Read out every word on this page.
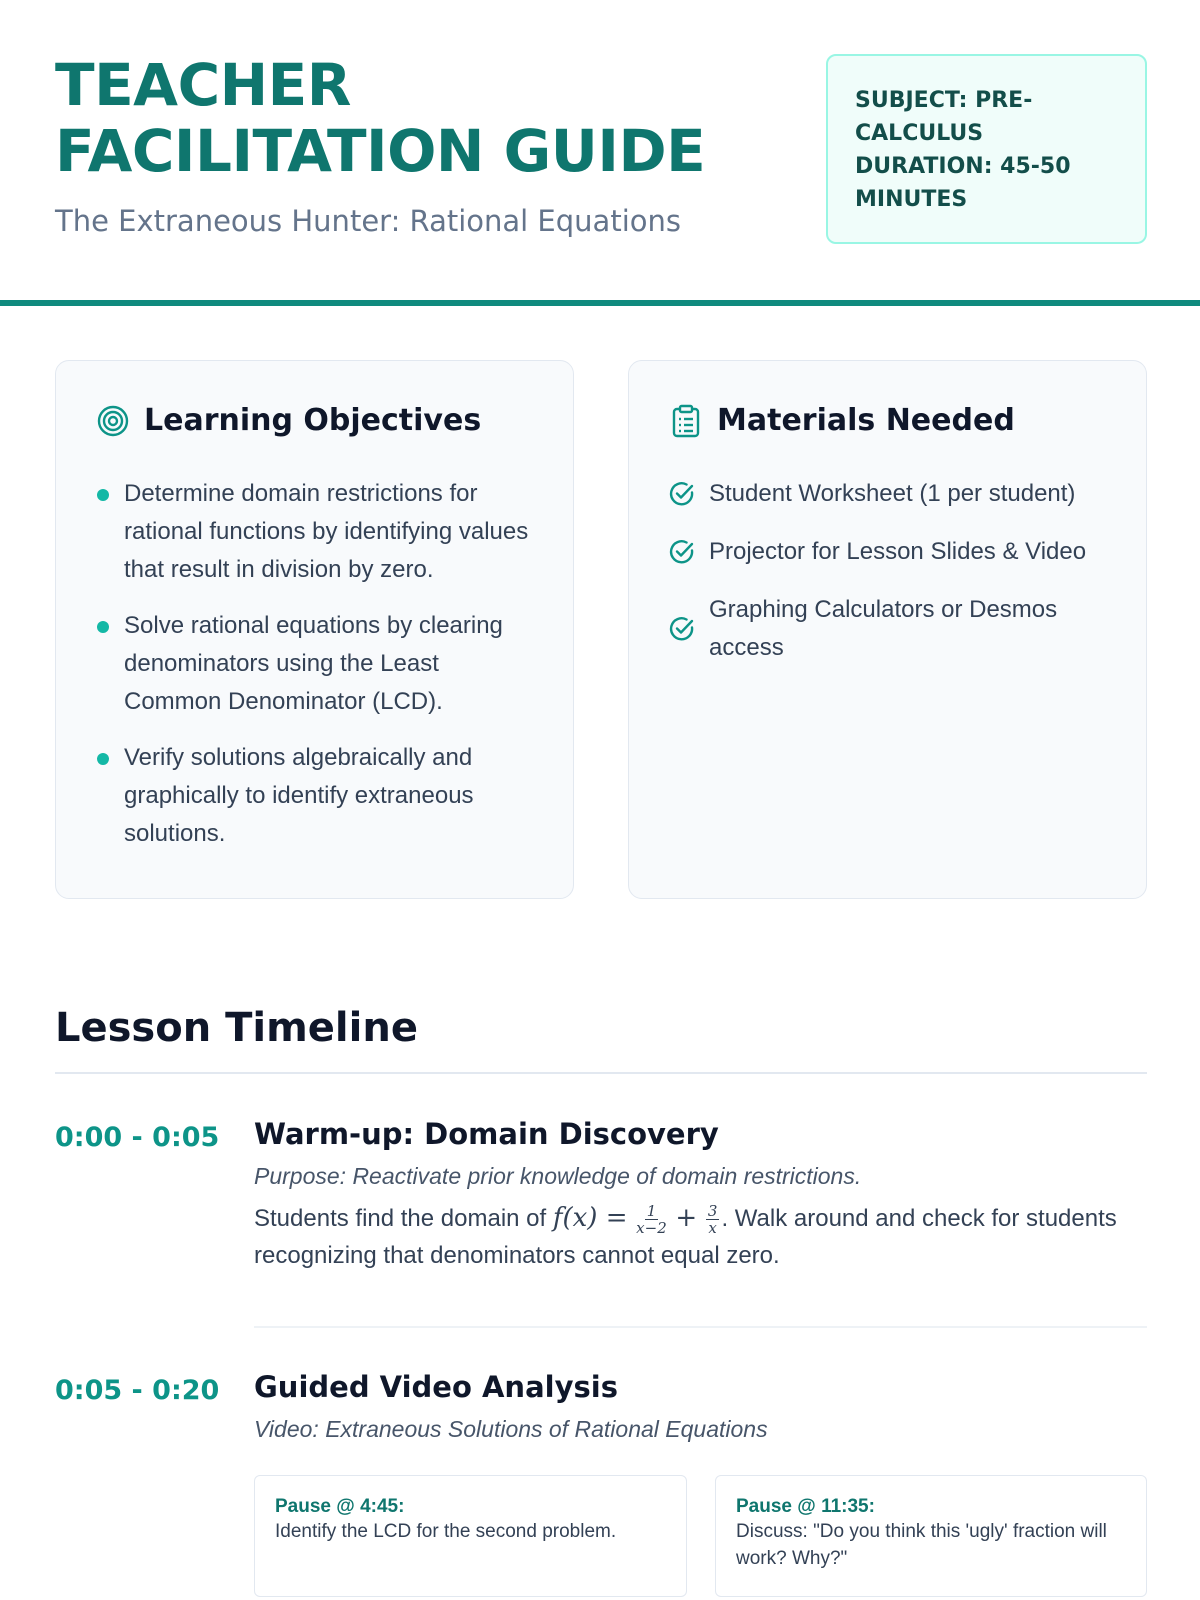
TEACHER FACILITATION GUIDE
The Extraneous Hunter: Rational Equations
SUBJECT: PRE-CALCULUS
DURATION: 45-50 MINUTES
Learning Objectives
Determine domain restrictions for rational functions by identifying values that result in division by zero.
Solve rational equations by clearing denominators using the Least Common Denominator (LCD).
Verify solutions algebraically and graphically to identify extraneous solutions.
Materials Needed
Student Worksheet (1 per student)
Projector for Lesson Slides & Video
Graphing Calculators or Desmos access
Lesson Timeline
0:00 - 0:05 Warm-up: Domain Discovery
Purpose: Reactivate prior knowledge of domain restrictions.
Students find the domain of $f(x) = \frac{1}{x-2} + \frac{3}{x}$ . Walk around and check for students recognizing that denominators cannot equal zero.
0:05 - 0:20 Guided Video Analysis
Video: Extraneous Solutions of Rational Equations
Pause @ 4:45:
Identify the LCD for the second problem.
Pause @ 11:35:
Discuss: "Do you think this 'ugly' fraction will work? Why?"
